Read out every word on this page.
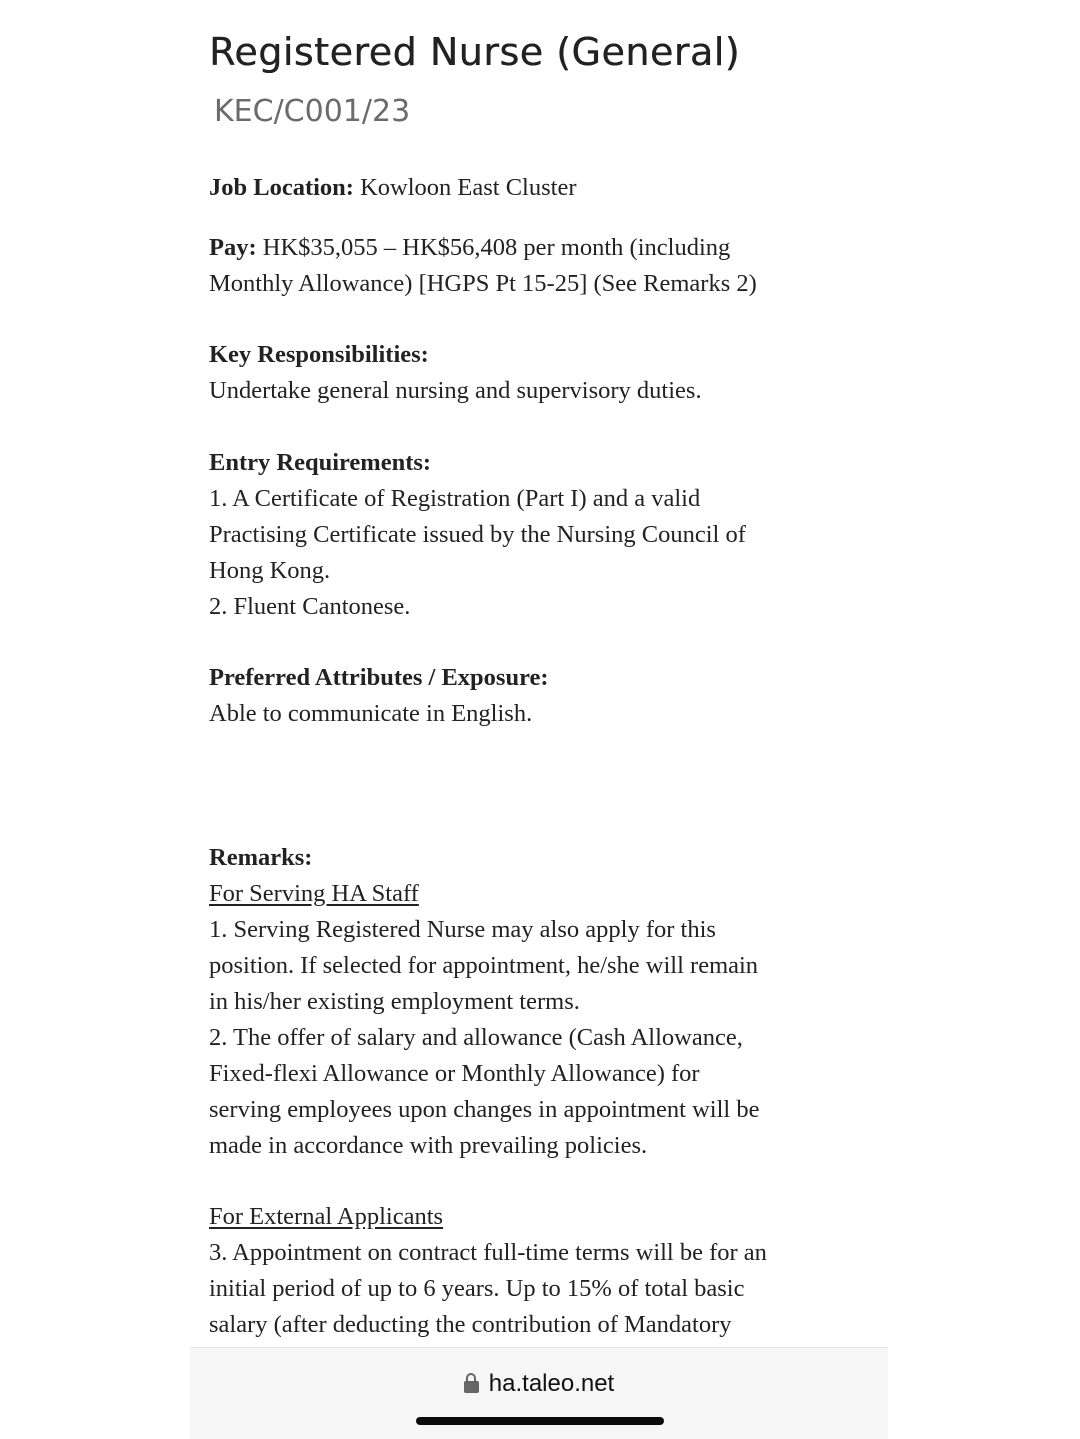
Registered Nurse (General)
KEC/C001/23
Job Location: Kowloon East Cluster
Pay: HK$35,055 – HK$56,408 per month (including
Monthly Allowance) [HGPS Pt 15-25] (See Remarks 2)
Key Responsibilities:
Undertake general nursing and supervisory duties.
Entry Requirements:
1. A Certificate of Registration (Part I) and a valid
Practising Certificate issued by the Nursing Council of
Hong Kong.
2. Fluent Cantonese.
Preferred Attributes / Exposure:
Able to communicate in English.
Remarks:
For Serving HA Staff
1. Serving Registered Nurse may also apply for this
position. If selected for appointment, he/she will remain
in his/her existing employment terms.
2. The offer of salary and allowance (Cash Allowance,
Fixed-flexi Allowance or Monthly Allowance) for
serving employees upon changes in appointment will be
made in accordance with prevailing policies.
For External Applicants
3. Appointment on contract full-time terms will be for an
initial period of up to 6 years. Up to 15% of total basic
salary (after deducting the contribution of Mandatory
ha.taleo.net
